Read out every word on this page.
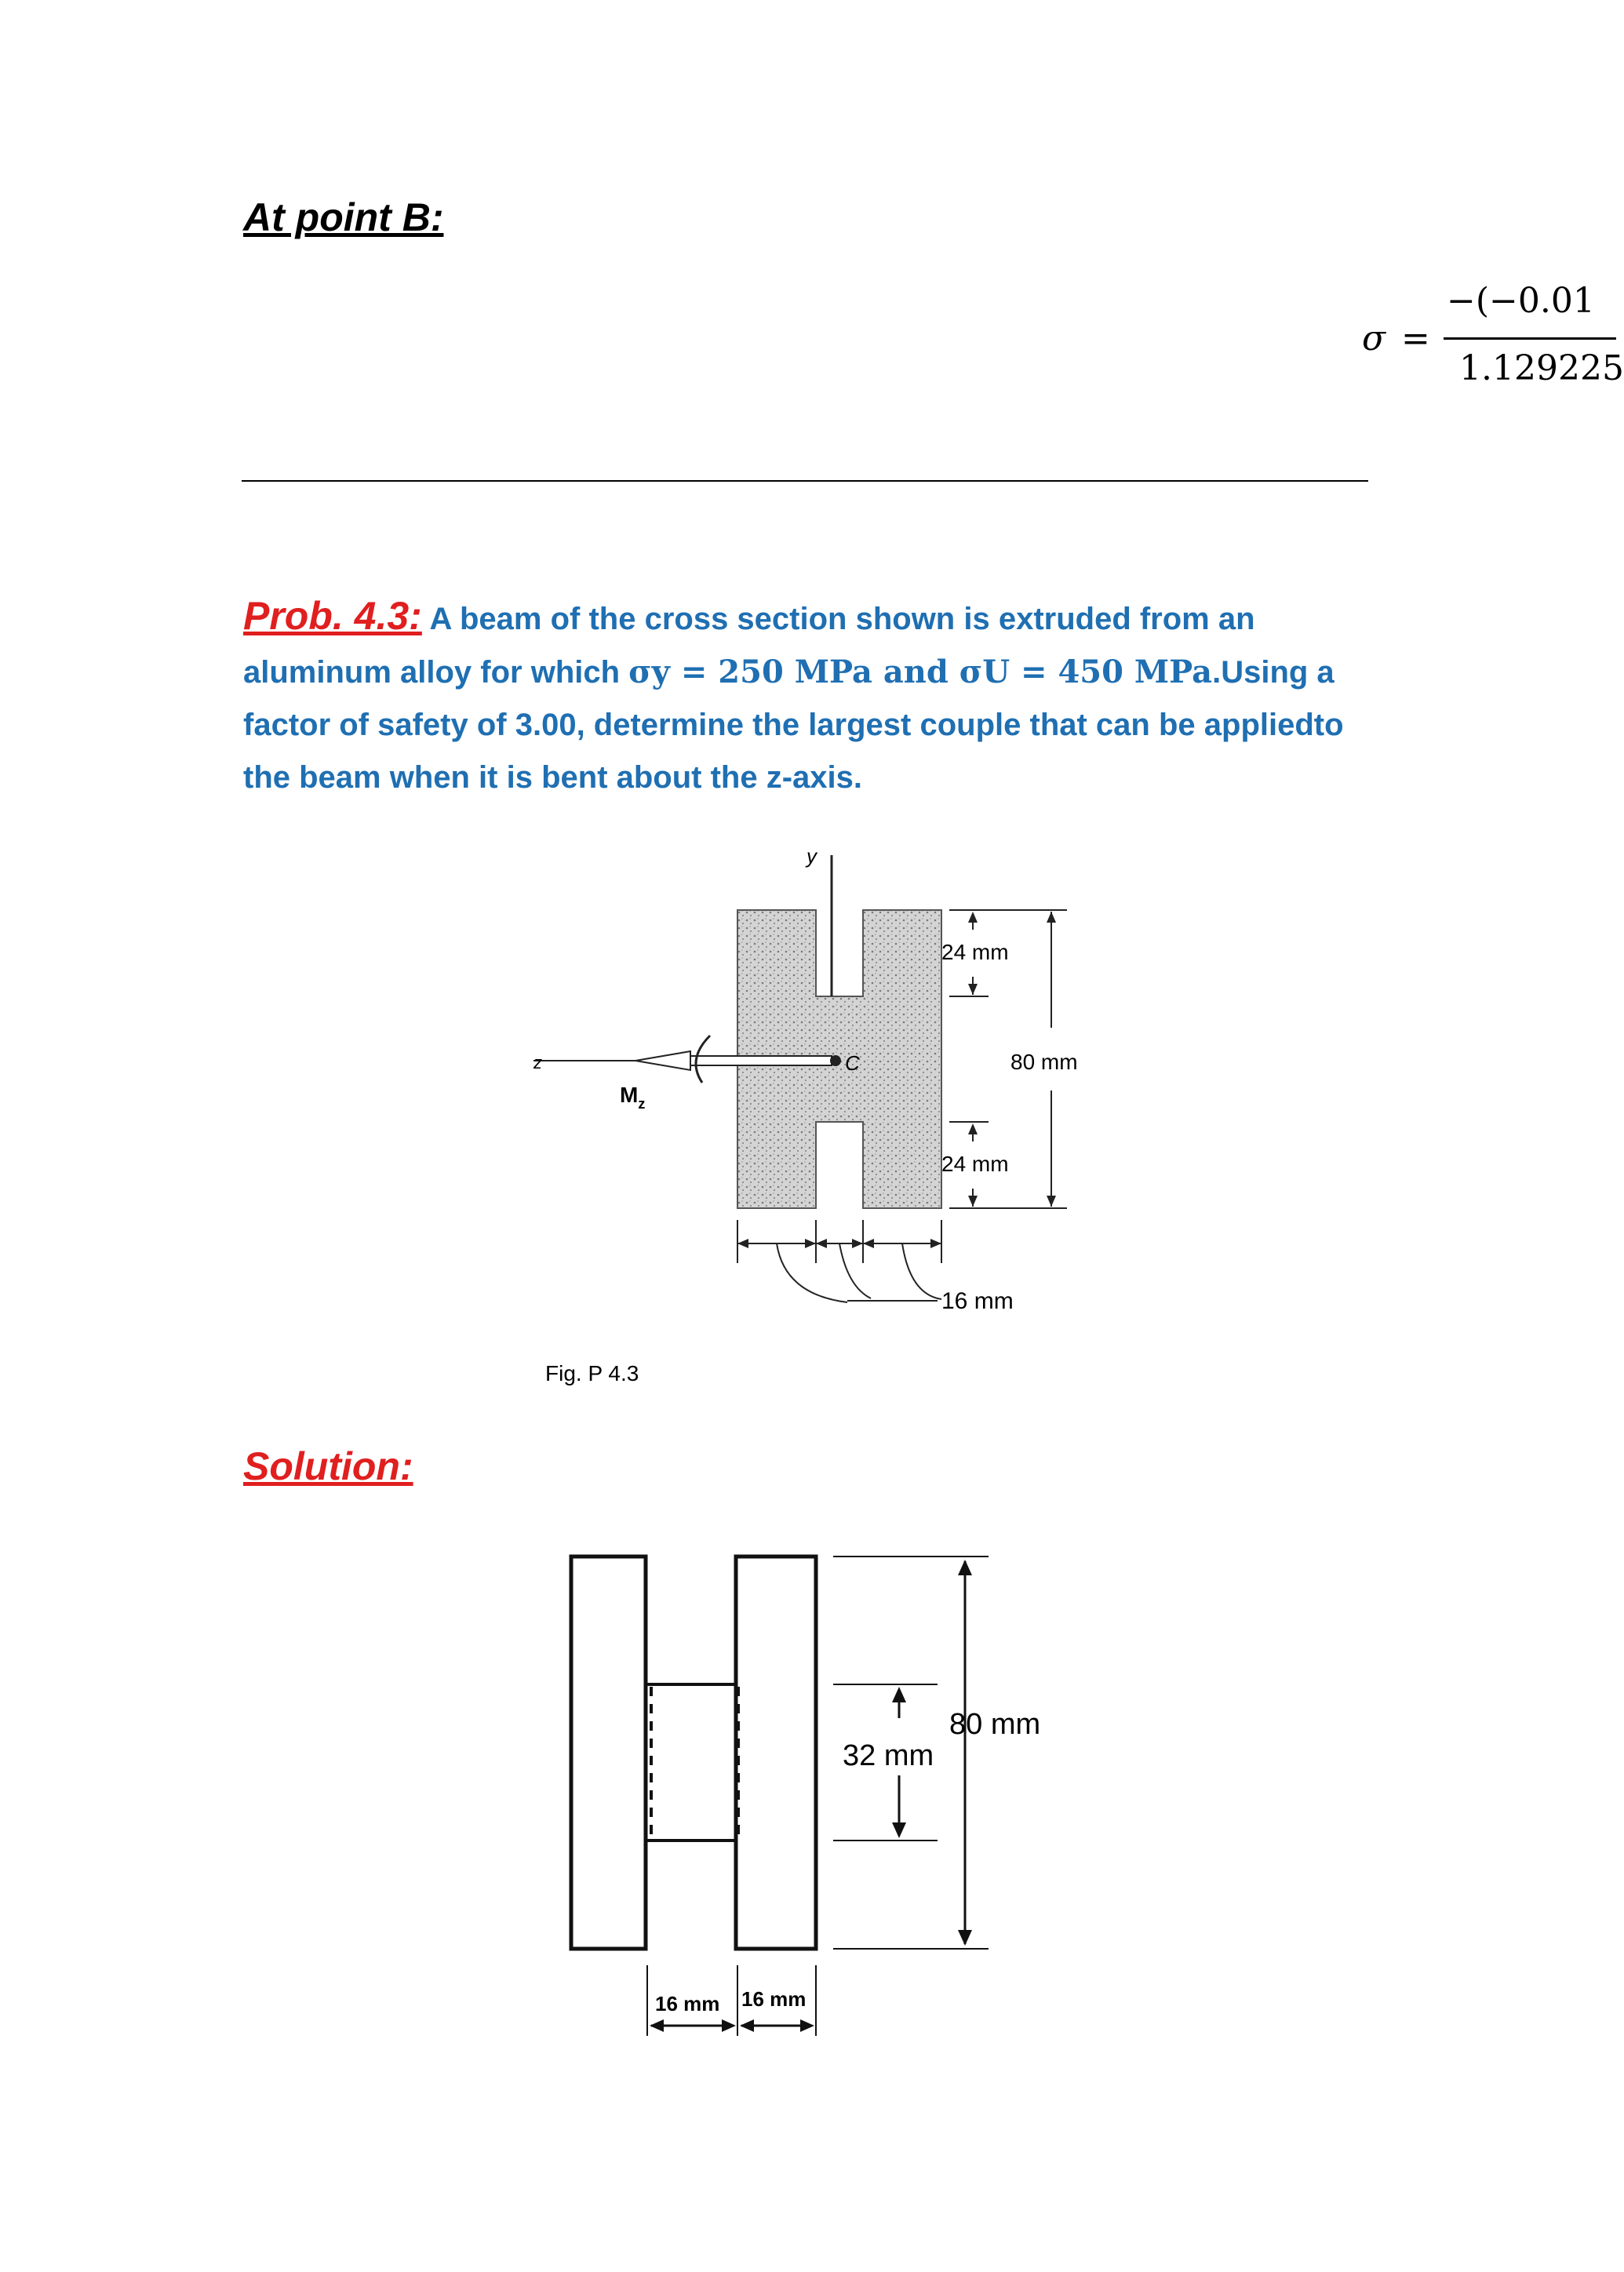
At point B:
σ =
−(−0.01
1.129225
Prob. 4.3: A beam of the cross section shown is extruded from an aluminum alloy for which σy = 250 MPa and σU = 450 MPa.Using a factor of safety of 3.00, determine the largest couple that can be appliedto the beam when it is bent about the z-axis.
y
z
$M_z$
C
24 mm
24 mm
80 mm
16 mm
Fig. P 4.3
Solution:
80 mm
32 mm
16 mm 16 mm
